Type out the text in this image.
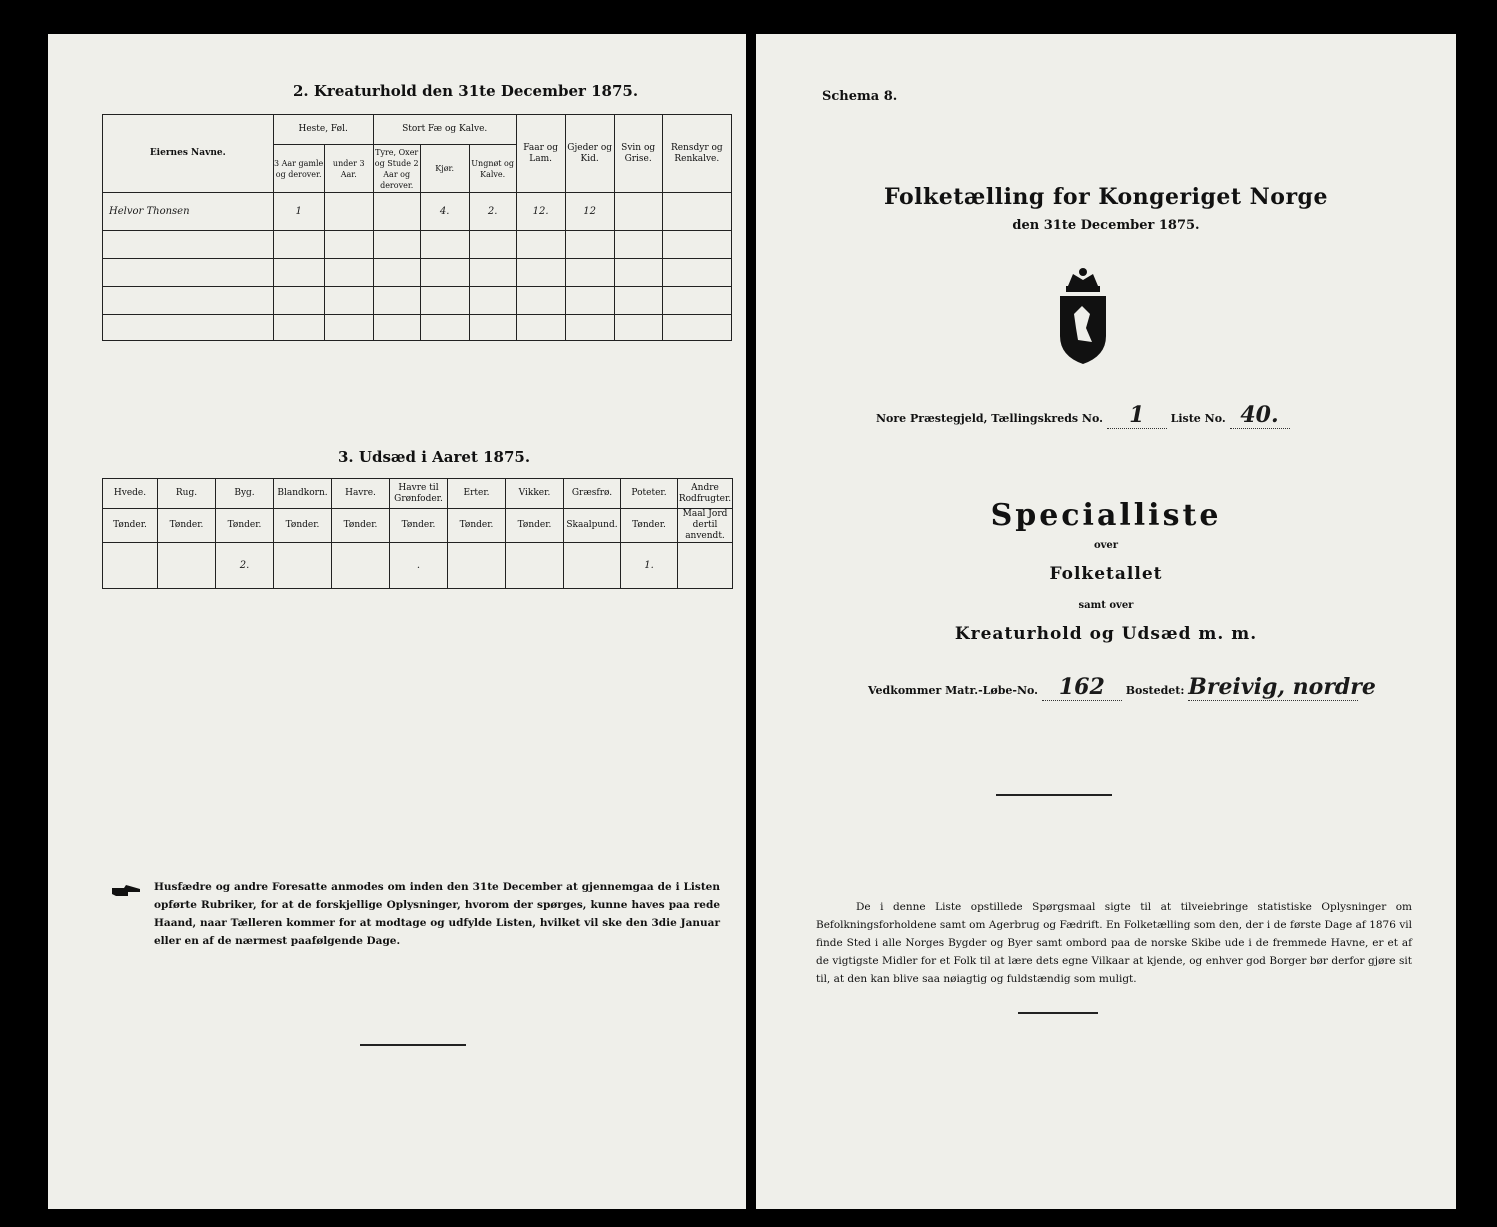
2. Kreaturhold den 31te December 1875.
Eiernes Navne.	Heste, Føl.		Stort Fæ og Kalve.			Faar og Lam.	Gjeder og Kid.	Svin og Grise.	Rensdyr og Renkalve.
	3 Aar gamle og derover.	under 3 Aar.	Tyre, Oxer og Stude 2 Aar og derover.	Kjør.	Ungnøt og Kalve.				
Helvor Thonsen	1			4.	2.	12.	12		

3. Udsæd i Aaret 1875.
Hvede.	Rug.	Byg.	Blandkorn.	Havre.	Havre til Grønfoder.	Erter.	Vikker.	Græsfrø.	Poteter.	Andre Rodfrugter.
Tønder.	Tønder.	Tønder.	Tønder.	Tønder.	Tønder.	Tønder.	Tønder.	Skaalpund.	Tønder.	Maal Jord dertil anvendt.
		2.			.				1.	
Husfædre og andre Foresatte anmodes om inden den 31te December at gjennemgaa de i Listen opførte Rubriker, for at de forskjellige Oplysninger, hvorom der spørges, kunne haves paa rede Haand, naar Tælleren kommer for at modtage og udfylde Listen, hvilket vil ske den 3die Januar eller en af de nærmest paafølgende Dage.
Schema 8.
Folketælling for Kongeriget Norge
den 31te December 1875.
Nore Præstegjeld, Tællingskreds No. 1 Liste No. 40.
Specialliste
over
Folketallet
samt over
Kreaturhold og Udsæd m. m.
Vedkommer Matr.-Løbe-No. 162 Bostedet: Breivig, nordre
De i denne Liste opstillede Spørgsmaal sigte til at tilveiebringe statistiske Oplysninger om Befolkningsforholdene samt om Agerbrug og Fædrift. En Folketælling som den, der i de første Dage af 1876 vil finde Sted i alle Norges Bygder og Byer samt ombord paa de norske Skibe ude i de fremmede Havne, er et af de vigtigste Midler for et Folk til at lære dets egne Vilkaar at kjende, og enhver god Borger bør derfor gjøre sit til, at den kan blive saa nøiagtig og fuldstændig som muligt.
